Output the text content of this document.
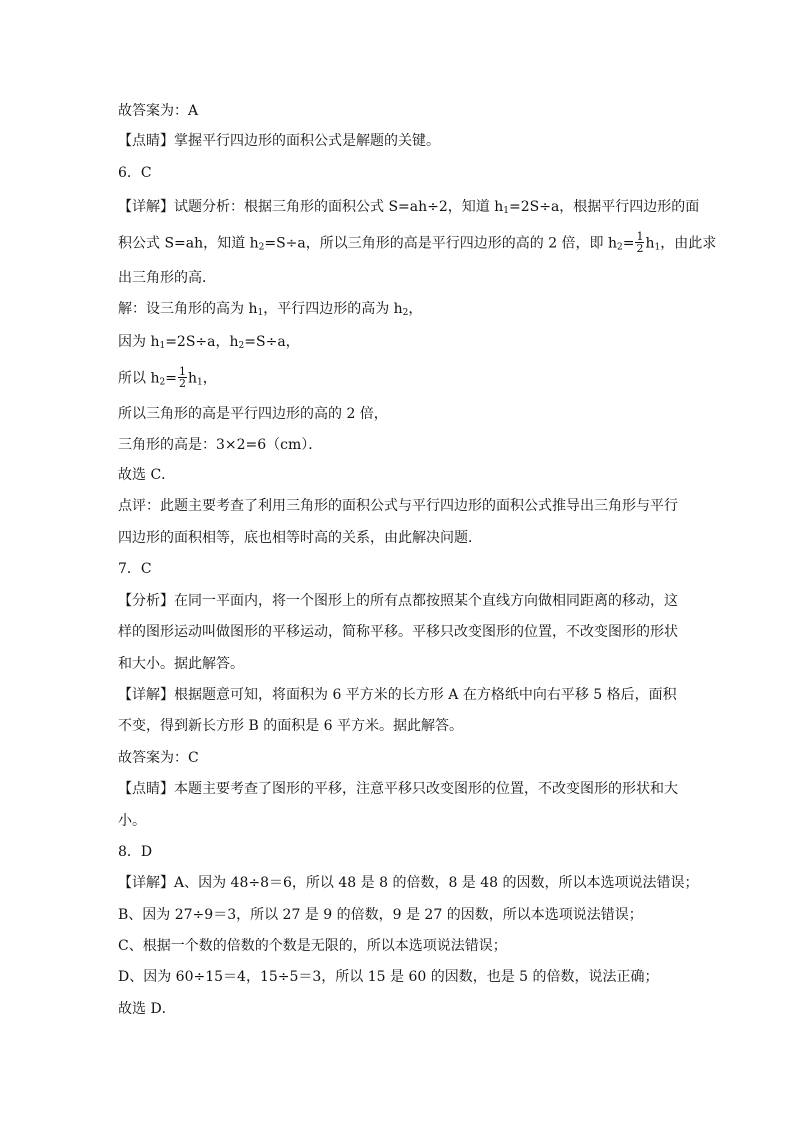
故答案为：A
【点睛】掌握平行四边形的面积公式是解题的关键。
6．C
【详解】试题分析：根据三角形的面积公式 S=ah÷2，知道 $h_1=2S\div a$，根据平行四边形的面
积公式 S=ah，知道 $h_2=S\div a$，所以三角形的高是平行四边形的高的 2 倍，即 $h_2= \frac{1}{2} h_1$，由此求
出三角形的高．
解：设三角形的高为 $h_1$，平行四边形的高为 $h_2$，
因为 $h_1=2S\div a$，$h_2=S\div a$，
所以 $h_2= \frac{1}{2} h_1$，
所以三角形的高是平行四边形的高的 2 倍，
三角形的高是：3×2=6（cm）．
故选 C．
点评：此题主要考查了利用三角形的面积公式与平行四边形的面积公式推导出三角形与平行
四边形的面积相等，底也相等时高的关系，由此解决问题．
7．C
【分析】在同一平面内，将一个图形上的所有点都按照某个直线方向做相同距离的移动，这
样的图形运动叫做图形的平移运动，简称平移。平移只改变图形的位置，不改变图形的形状
和大小。据此解答。
【详解】根据题意可知，将面积为 6 平方米的长方形 A 在方格纸中向右平移 5 格后，面积
不变，得到新长方形 B 的面积是 6 平方米。据此解答。
故答案为：C
【点睛】本题主要考查了图形的平移，注意平移只改变图形的位置，不改变图形的形状和大
小。
8．D
【详解】A、因为 48÷8＝6，所以 48 是 8 的倍数，8 是 48 的因数，所以本选项说法错误；
B、因为 27÷9＝3，所以 27 是 9 的倍数，9 是 27 的因数，所以本选项说法错误；
C、根据一个数的倍数的个数是无限的，所以本选项说法错误；
D、因为 60÷15＝4，15÷5＝3，所以 15 是 60 的因数，也是 5 的倍数，说法正确；
故选 D．
